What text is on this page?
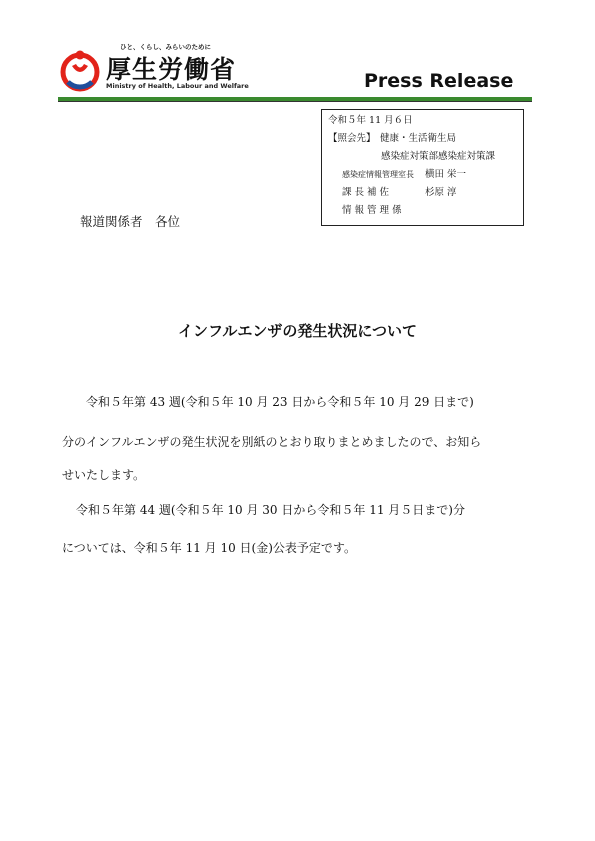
ひと、くらし、みらいのために
厚生労働省
Ministry of Health, Labour and Welfare	Press Release
令和５年 11 月６日
【照会先】 健康・生活衛生局
感染症対策部感染症対策課
感染症情報管理室長 横田 栄一
課 長 補 佐	杉原 淳
情 報 管 理 係
報道関係者　各位
インフルエンザの発生状況について
令和５年第 43 週(令和５年 10 月 23 日から令和５年 10 月 29 日まで)
分のインフルエンザの発生状況を別紙のとおり取りまとめましたので、お知ら
せいたします。
令和５年第 44 週(令和５年 10 月 30 日から令和５年 11 月５日まで)分
については、令和５年 11 月 10 日(金)公表予定です。
